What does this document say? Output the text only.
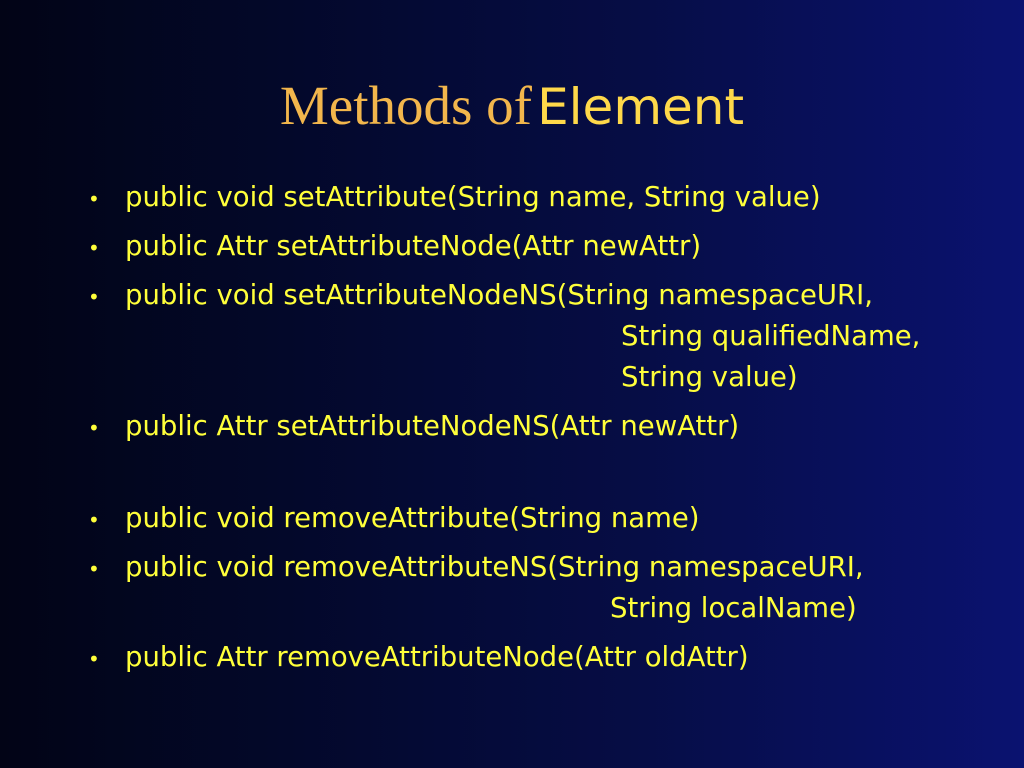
Methods of Element
• public void setAttribute(String name, String value)
• public Attr setAttributeNode(Attr newAttr)
• public void setAttributeNodeNS(String namespaceURI,
String qualifiedName,
String value)
• public Attr setAttributeNodeNS(Attr newAttr)
• public void removeAttribute(String name)
• public void removeAttributeNS(String namespaceURI,
String localName)
• public Attr removeAttributeNode(Attr oldAttr)
